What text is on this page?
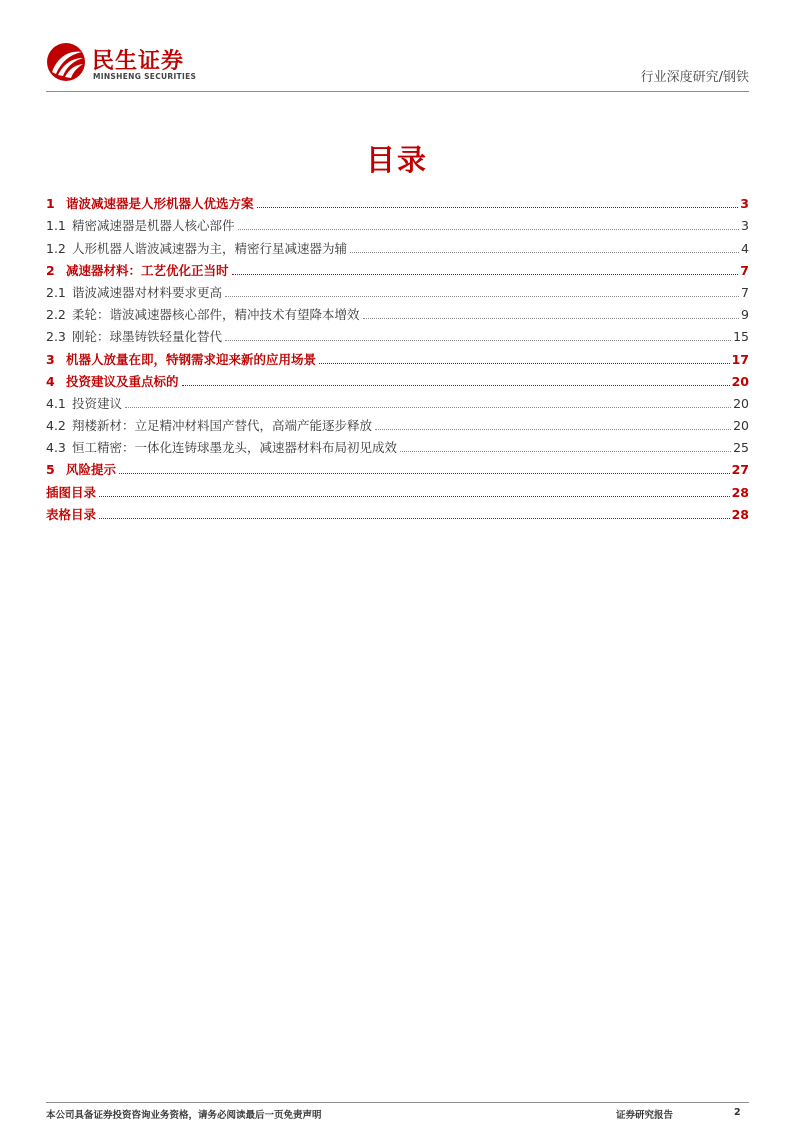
民生证券
MINSHENG SECURITIES	行业深度研究/钢铁
目录
1 谐波减速器是人形机器人优选方案	3
1.1 精密减速器是机器人核心部件	3
1.2 人形机器人谐波减速器为主，精密行星减速器为辅	4
2 减速器材料：工艺优化正当时	7
2.1 谐波减速器对材料要求更高	7
2.2 柔轮：谐波减速器核心部件，精冲技术有望降本增效	9
2.3 刚轮：球墨铸铁轻量化替代	15
3 机器人放量在即，特钢需求迎来新的应用场景	17
4 投资建议及重点标的	20
4.1 投资建议	20
4.2 翔楼新材：立足精冲材料国产替代，高端产能逐步释放	20
4.3 恒工精密：一体化连铸球墨龙头，减速器材料布局初见成效	25
5 风险提示	27
插图目录	28
表格目录	28
本公司具备证券投资咨询业务资格，请务必阅读最后一页免责声明	证券研究报告	2
